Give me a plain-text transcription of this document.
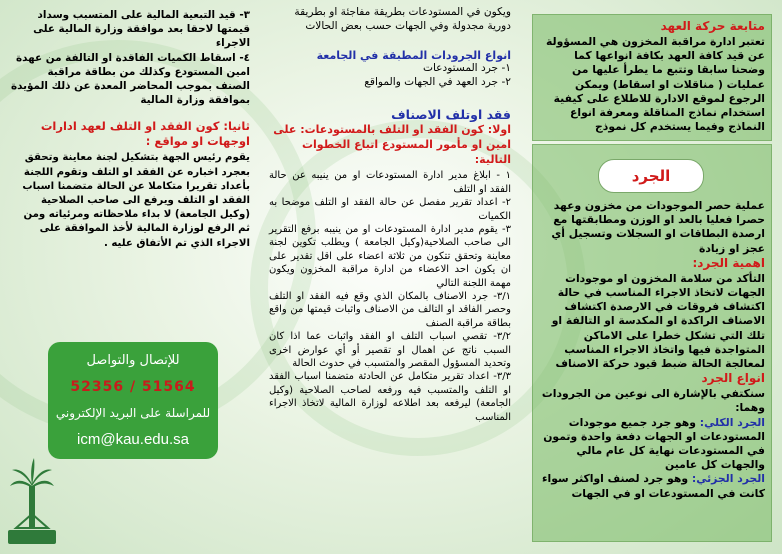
متابعة حركة العهد

تعتبر ادارة مراقبة المخزون هي المسؤولة عن قيد كافة العهد بكافة انواعها كما وضحنا سابقا وتتبع ما يطرأ عليها من عمليات ( مناقلات او اسقاط) ويمكن الرجوع لموقع الادارة للاطلاع على كيفية استخدام نماذج المناقلة ومعرفة انواع النماذج وفيما يستخدم كل نموذج

الجرد

عملية حصر الموجودات من مخزون وعهد حصرا فعليا بالعد او الوزن ومطابقتها مع ارصدة البطاقات او السجلات وتسجيل أي عجز او زيادة

اهمية الجرد:

التأكد من سلامة المخزون او موجودات الجهات لاتخاذ الاجراء المناسب في حالة اكتشاف فروقات في الارصدة اكتشاف الاصناف الراكدة او المكدسة او التالفة او تلك التي تشكل خطرا على الاماكن المتواجدة فيها واتخاذ الاجراء المناسب لمعالجة الحالة ضبط قيود حركة الاصناف

انواع الجرد

سنكتفي بالإشارة الى نوعين من الجرودات وهما:

الجرد الكلي: وهو جرد جميع موجودات المستودعات او الجهات دفعة واحدة وتمون في المستودعات نهاية كل عام مالي والجهات كل عامين

الجرد الجزئي: وهو جرد لصنف اواكثر سواء كانت في المستودعات او في الجهات

ويكون في المستودعات بطريقة مفاجئة او بطريقة دورية مجدولة وفي الجهات حسب بعض الحالات

انواع الجرودات المطبقة في الجامعة

١- جرد المستودعات

٢- جرد العهد في الجهات والمواقع

فقد اوتلف الاصناف

اولا: كون الفقد او التلف بالمستودعات: على امين او مأمور المستودع اتباع الخطوات التالية:

١ - ابلاغ مدير ادارة المستودعات او من ينيبه عن حالة الفقد او التلف

٢- اعداد تقرير مفصل عن حالة الفقد او التلف موضحا به الكميات

٣- يقوم مدير ادارة المستودعات او من ينيبه برفع التقرير الى صاحب الصلاحية(وكيل الجامعة ) ويطلب تكوين لجنة معاينة وتحقق تتكون من ثلاثة اعضاء على اقل تقدير على ان يكون احد الاعضاء من ادارة مراقبة المخزون ويكون مهمة اللجنة التالي

٣/١- جرد الاصناف بالمكان الذي وقع فيه الفقد او التلف وحصر الفاقد او التالف من الاصناف واثبات قيمتها من واقع بطاقة مراقبة الصنف

٣/٢- تقصي اسباب التلف او الفقد واثبات عما اذا كان السبب ناتج عن اهمال او تقصير أو أي عوارض اخرى وتحديد المسؤول المقصر والمتسبب في حدوث الحالة

٣/٣- اعداد تقرير متكامل عن الحادثة متضمنا اسباب الفقد او التلف والمتسبب فيه ورفعه لصاحب الصلاحية (وكيل الجامعة) ليرفعه بعد اطلاعه لوزارة المالية لاتخاذ الاجراء المناسب

٣- قيد التبعية المالية على المتسبب وسداد قيمتها لاحقا بعد موافقة وزارة المالية على الاجراء

٤- اسقاط الكميات الفاقدة او التالفة من عهدة امين المستودع وكذلك من بطاقة مراقبة الصنف بموجب المحاضر المعدة عن ذلك المؤيدة بموافقة وزارة المالية

ثانيا: كون الفقد او التلف لعهد ادارات اوجهات او مواقع :

يقوم رئيس الجهة بتشكيل لجنة معاينة وتحقق بعجرد اخباره عن الفقد او التلف وتقوم اللجنة بأعداد تقريرا متكاملا عن الحالة متضمنا اسباب الفقد او التلف ويرفع الى صاحب الصلاحية (وكيل الجامعة) لا بداء ملاحظاته ومرئياته ومن ثم الرفع لوزارة المالية لأخذ الموافقة على الاجراء الذي تم الأتفاق عليه .

للإتصال والتواصل
52356 / 51564
للمراسلة على البريد الإلكتروني
icm@kau.edu.sa
